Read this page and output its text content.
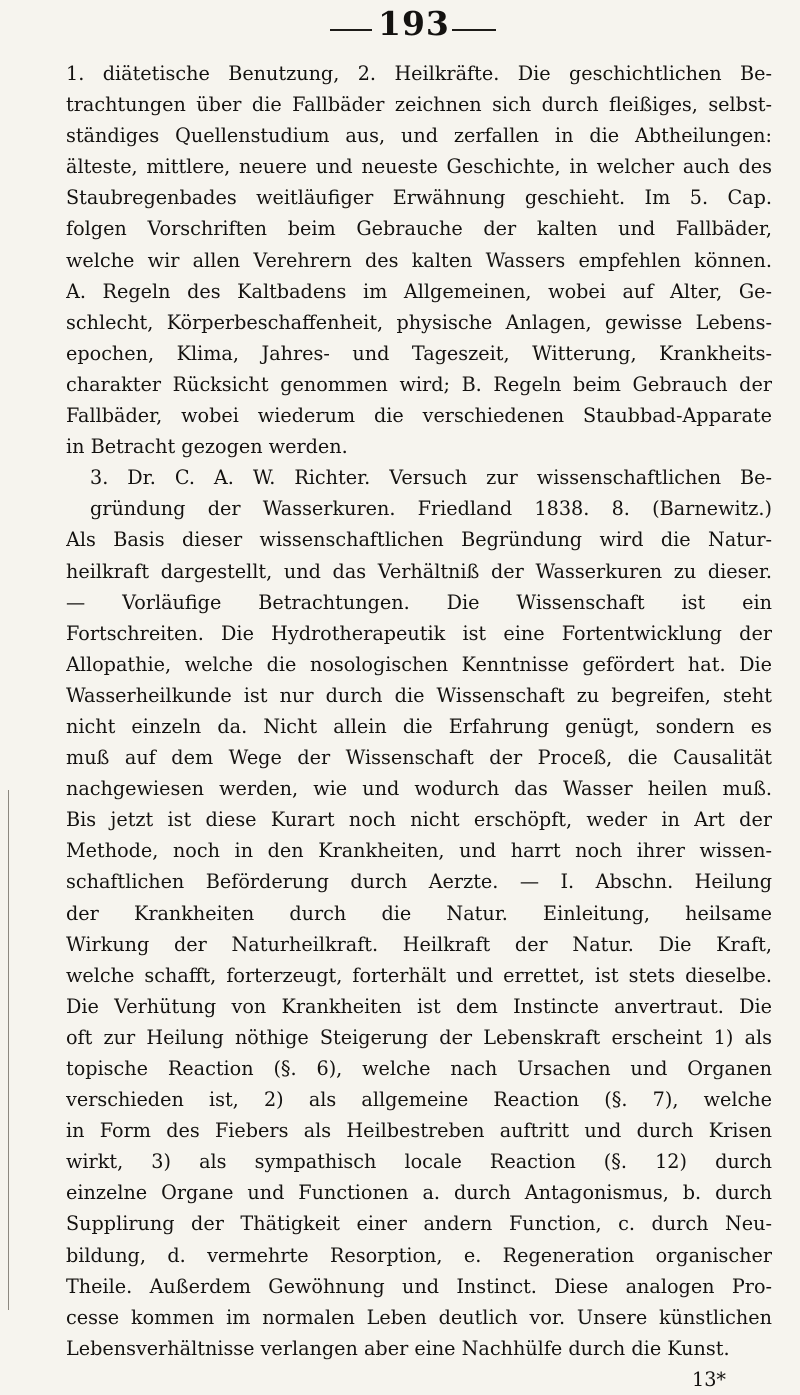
193
1. diätetische Benutzung, 2. Heilkräfte. Die geschichtlichen Be-
trachtungen über die Fallbäder zeichnen sich durch fleißiges, selbst-
ständiges Quellenstudium aus, und zerfallen in die Abtheilungen:
älteste, mittlere, neuere und neueste Geschichte, in welcher auch des
Staubregenbades weitläufiger Erwähnung geschieht. Im 5. Cap.
folgen Vorschriften beim Gebrauche der kalten und Fallbäder,
welche wir allen Verehrern des kalten Wassers empfehlen können.
A. Regeln des Kaltbadens im Allgemeinen, wobei auf Alter, Ge-
schlecht, Körperbeschaffenheit, physische Anlagen, gewisse Lebens-
epochen, Klima, Jahres- und Tageszeit, Witterung, Krankheits-
charakter Rücksicht genommen wird; B. Regeln beim Gebrauch der
Fallbäder, wobei wiederum die verschiedenen Staubbad-Apparate
in Betracht gezogen werden.
3. Dr. C. A. W. Richter. Versuch zur wissenschaftlichen Be-
gründung der Wasserkuren. Friedland 1838. 8. (Barnewitz.)
Als Basis dieser wissenschaftlichen Begründung wird die Natur-
heilkraft dargestellt, und das Verhältniß der Wasserkuren zu dieser.
— Vorläufige Betrachtungen. Die Wissenschaft ist ein
Fortschreiten. Die Hydrotherapeutik ist eine Fortentwicklung der
Allopathie, welche die nosologischen Kenntnisse gefördert hat. Die
Wasserheilkunde ist nur durch die Wissenschaft zu begreifen, steht
nicht einzeln da. Nicht allein die Erfahrung genügt, sondern es
muß auf dem Wege der Wissenschaft der Proceß, die Causalität
nachgewiesen werden, wie und wodurch das Wasser heilen muß.
Bis jetzt ist diese Kurart noch nicht erschöpft, weder in Art der
Methode, noch in den Krankheiten, und harrt noch ihrer wissen-
schaftlichen Beförderung durch Aerzte. — I. Abschn. Heilung
der Krankheiten durch die Natur. Einleitung, heilsame
Wirkung der Naturheilkraft. Heilkraft der Natur. Die Kraft,
welche schafft, forterzeugt, forterhält und errettet, ist stets dieselbe.
Die Verhütung von Krankheiten ist dem Instincte anvertraut. Die
oft zur Heilung nöthige Steigerung der Lebenskraft erscheint 1) als
topische Reaction (§. 6), welche nach Ursachen und Organen
verschieden ist, 2) als allgemeine Reaction (§. 7), welche
in Form des Fiebers als Heilbestreben auftritt und durch Krisen
wirkt, 3) als sympathisch locale Reaction (§. 12) durch
einzelne Organe und Functionen a. durch Antagonismus, b. durch
Supplirung der Thätigkeit einer andern Function, c. durch Neu-
bildung, d. vermehrte Resorption, e. Regeneration organischer
Theile. Außerdem Gewöhnung und Instinct. Diese analogen Pro-
cesse kommen im normalen Leben deutlich vor. Unsere künstlichen
Lebensverhältnisse verlangen aber eine Nachhülfe durch die Kunst.
13*
